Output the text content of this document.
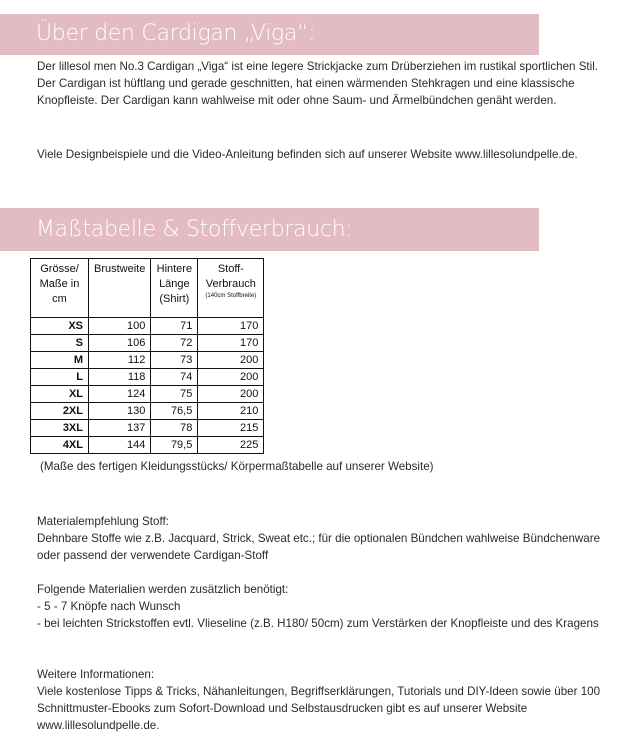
Über den Cardigan „Viga“:

Der lillesol men No.3 Cardigan „Viga“ ist eine legere Strickjacke zum Drüberziehen im rustikal sportlichen Stil. Der Cardigan ist hüftlang und gerade geschnitten, hat einen wärmenden Stehkragen und eine klassische Knopfleiste. Der Cardigan kann wahlweise mit oder ohne Saum- und Ärmelbündchen genäht werden.

Viele Designbeispiele und die Video-Anleitung befinden sich auf unserer Website www.lillesolundpelle.de.

Maßtabelle & Stoffverbrauch:
Grösse/ Maße in cm	Brustweite	Hintere Länge (Shirt)	Stoff-Verbrauch
(140cm Stoffbreite)

XS	100	71	170
S	106	72	170
M	112	73	200
L	118	74	200
XL	124	75	200
2XL	130	76,5	210
3XL	137	78	215
4XL	144	79,5	225

(Maße des fertigen Kleidungsstücks/ Körpermaßtabelle auf unserer Website)

Materialempfehlung Stoff:

Dehnbare Stoffe wie z.B. Jacquard, Strick, Sweat etc.; für die optionalen Bündchen wahlweise Bündchenware oder passend der verwendete Cardigan-Stoff

Folgende Materialien werden zusätzlich benötigt:

- 5 - 7 Knöpfe nach Wunsch

- bei leichten Strickstoffen evtl. Vlieseline (z.B. H180/ 50cm) zum Verstärken der Knopfleiste und des Kragens

Weitere Informationen:

Viele kostenlose Tipps & Tricks, Nähanleitungen, Begriffserklärungen, Tutorials und DIY-Ideen sowie über 100 Schnittmuster-Ebooks zum Sofort-Download und Selbstausdrucken gibt es auf unserer Website www.lillesolundpelle.de.
